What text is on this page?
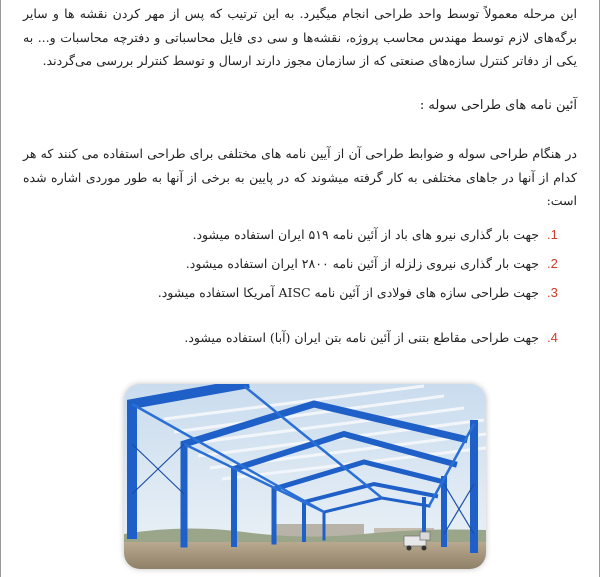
این مرحله معمولاً توسط واحد طراحی انجام میگیرد. به این ترتیب که پس از مهر کردن نقشه ها و سایر برگه‌های لازم توسط مهندس محاسب پروژه، نقشه‌ها و سی دی فایل محاسباتی و دفترچه محاسبات و... به یکی از دفاتر کنترل سازه‌های صنعتی که از سازمان مجوز دارند ارسال و توسط کنترلر بررسی می‌گردند.

آئین نامه های طراحی سوله :

در هنگام طراحی سوله و ضوابط طراحی آن از آیین نامه های مختلفی برای طراحی استفاده می کنند که هر کدام از آنها در جاهای مختلفی به کار گرفته میشوند که در پایین به برخی از آنها به طور موردی اشاره شده است:

1.
جهت بار گذاری نیرو های باد از آئین نامه ۵۱۹ ایران استفاده میشود.
2.
جهت بار گذاری نیروی زلزله از آئین نامه ۲۸۰۰ ایران استفاده میشود.
3.
جهت طراحی سازه های فولادی از آئین نامه AISC آمریکا استفاده میشود.
4.
جهت طراحی مقاطع بتنی از آئین نامه بتن ایران (آبا) استفاده میشود.
